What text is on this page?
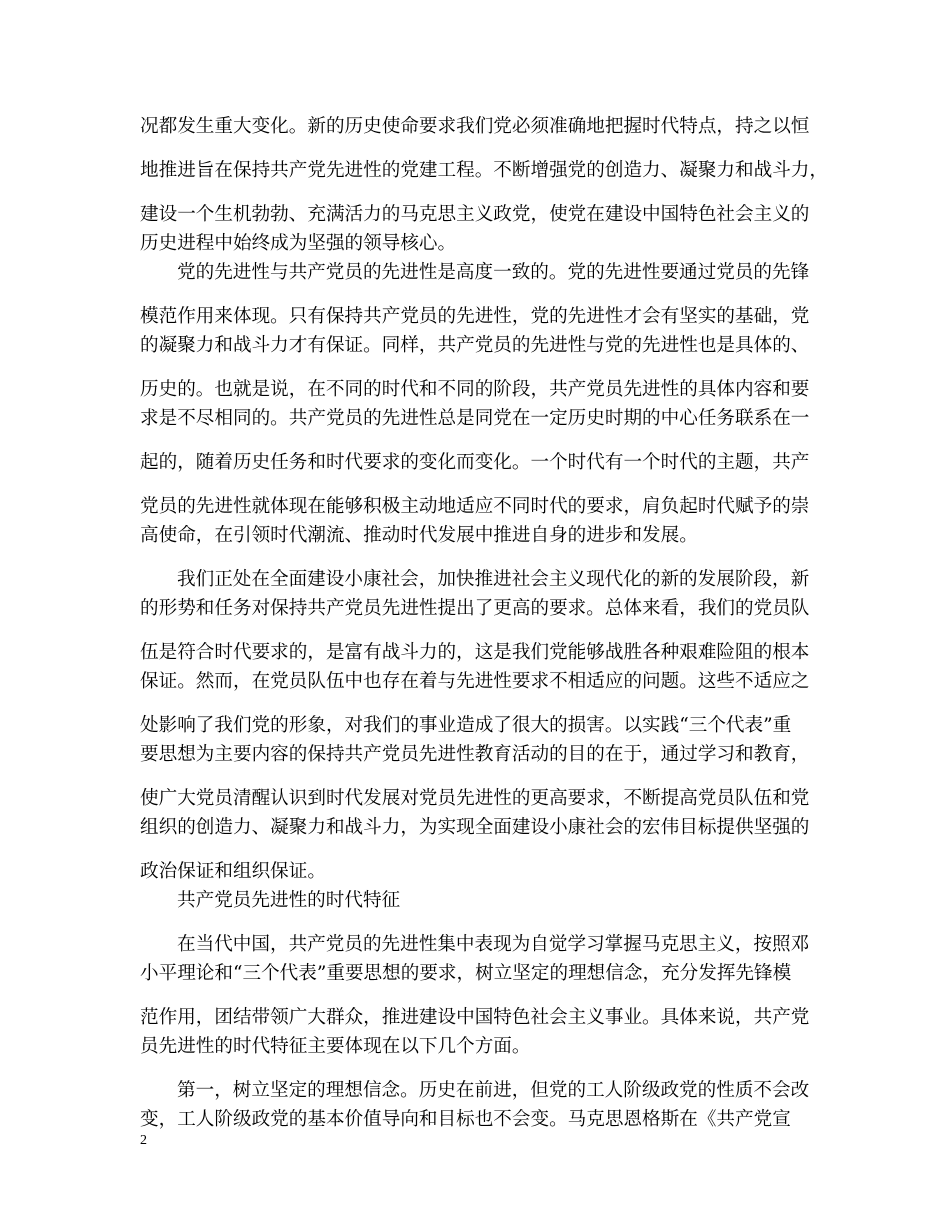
况都发生重大变化。新的历史使命要求我们党必须准确地把握时代特点，持之以恒
地推进旨在保持共产党先进性的党建工程。不断增强党的创造力、凝聚力和战斗力，
建设一个生机勃勃、充满活力的马克思主义政党，使党在建设中国特色社会主义的
历史进程中始终成为坚强的领导核心。
党的先进性与共产党员的先进性是高度一致的。党的先进性要通过党员的先锋
模范作用来体现。只有保持共产党员的先进性，党的先进性才会有坚实的基础，党
的凝聚力和战斗力才有保证。同样，共产党员的先进性与党的先进性也是具体的、
历史的。也就是说，在不同的时代和不同的阶段，共产党员先进性的具体内容和要
求是不尽相同的。共产党员的先进性总是同党在一定历史时期的中心任务联系在一
起的，随着历史任务和时代要求的变化而变化。一个时代有一个时代的主题，共产
党员的先进性就体现在能够积极主动地适应不同时代的要求，肩负起时代赋予的崇
高使命，在引领时代潮流、推动时代发展中推进自身的进步和发展。
我们正处在全面建设小康社会，加快推进社会主义现代化的新的发展阶段，新
的形势和任务对保持共产党员先进性提出了更高的要求。总体来看，我们的党员队
伍是符合时代要求的，是富有战斗力的，这是我们党能够战胜各种艰难险阻的根本
保证。然而，在党员队伍中也存在着与先进性要求不相适应的问题。这些不适应之
处影响了我们党的形象，对我们的事业造成了很大的损害。以实践“三个代表”重
要思想为主要内容的保持共产党员先进性教育活动的目的在于，通过学习和教育，
使广大党员清醒认识到时代发展对党员先进性的更高要求，不断提高党员队伍和党
组织的创造力、凝聚力和战斗力，为实现全面建设小康社会的宏伟目标提供坚强的
政治保证和组织保证。
共产党员先进性的时代特征
在当代中国，共产党员的先进性集中表现为自觉学习掌握马克思主义，按照邓
小平理论和“三个代表”重要思想的要求，树立坚定的理想信念，充分发挥先锋模
范作用，团结带领广大群众，推进建设中国特色社会主义事业。具体来说，共产党
员先进性的时代特征主要体现在以下几个方面。
第一，树立坚定的理想信念。历史在前进，但党的工人阶级政党的性质不会改
变，工人阶级政党的基本价值导向和目标也不会变。马克思恩格斯在《共产党宣
2
